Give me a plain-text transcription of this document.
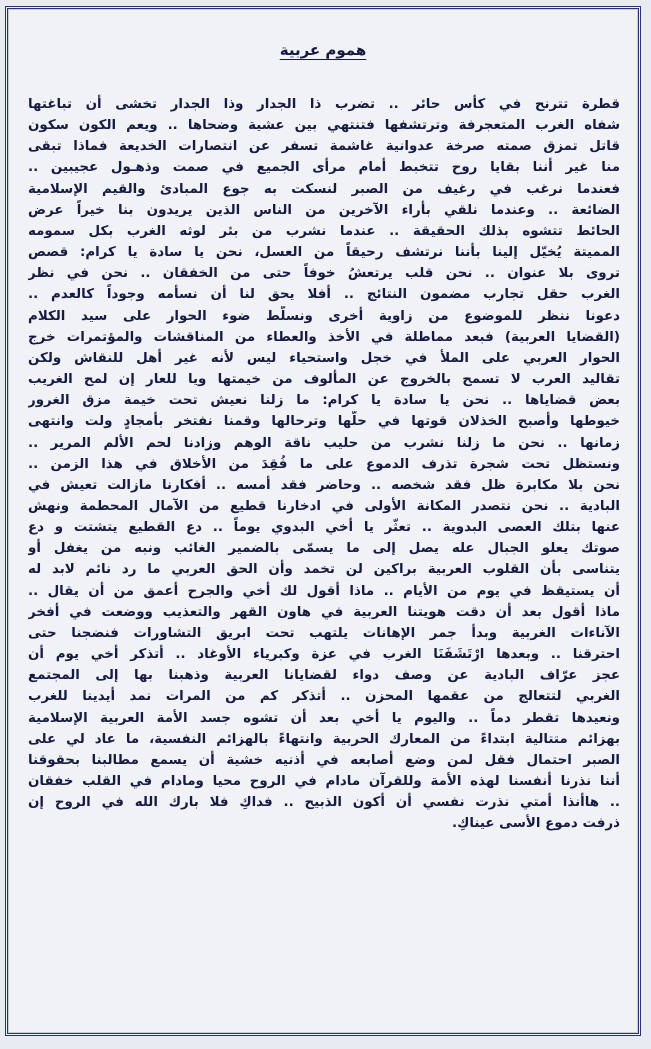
هموم عربية
قطرة تترنح في كأس حائر .. تضرب ذا الجدار وذا الجدار تخشى أن تباغتها
شفاه الغرب المتعجرفة وترتشفها فتنتهي بين عشية وضحاها .. ويعم الكون سكون
قاتل تمزق صمته صرخة عدوانية غاشمة تسفر عن انتصارات الخديعة فماذا تبقى
منا غير أننا بقايا روح تتخبط أمام مرأى الجميع في صمت وذهـول عجيبين ..
فعندما نرغب في رغيف من الصبر لنسكت به جوع المبادئ والقيم الإسلامية
الضائعة .. وعندما نلقي بأراء الآخرين من الناس الذين يريدون بنا خيراً عرض
الحائط تتشوه بذلك الحقيقة .. عندما نشرب من بئر لوثه الغرب بكل سمومه
المميتة يُخيّل إلينا بأننا نرتشف رحيقاً من العسل، نحن يا سادة يا كرام: قصص
تروى بلا عنوان .. نحن قلب يرتعشُ خوفاً حتى من الخفقان .. نحن في نظر
الغرب حقل تجارب مضمون النتائج .. أفلا يحق لنا أن نسأمه وجوداً كالعدم ..
دعونا ننظر للموضوع من زاوية أخرى ونسلّط ضوء الحوار على سيد الكلام
(القضايا العربية) فبعد مماطلة في الأخذ والعطاء من المناقشات والمؤتمرات خرج
الحوار العربي على الملأ في خجل واستحياء ليس لأنه غير أهل للنقاش ولكن
تقاليد العرب لا تسمح بالخروج عن المألوف من خيمتها ويا للعار إن لمح الغريب
بعض قضاياها .. نحن يا سادة يا كرام: ما زلنا نعيش تحت خيمة مزق الغرور
خيوطها وأصبح الخذلان قوتها في حلّها وترحالها وقمنا نفتخر بأمجادٍ ولت وانتهى
زمانها .. نحن ما زلنا نشرب من حليب ناقة الوهم وزادنا لحم الألم المرير ..
ونستظل تحت شجرة تذرف الدموع على ما فُقِدَ من الأخلاق في هذا الزمن ..
نحن بلا مكابرة ظل فقد شخصه .. وحاضر فقد أمسه .. أفكارنا مازالت تعيش في
البادية .. نحن نتصدر المكانة الأولى في ادخارنا قطيع من الآمال المحطمة ونهش
عنها بتلك العصى البدوية .. تعثّر يا أخي البدوي يوماً .. دع القطيع يتشتت و دع
صوتك يعلو الجبال عله يصل إلى ما يسمّى بالضمير الغائب ونبه من يغفل أو
يتناسى بأن القلوب العربية براكين لن تخمد وأن الحق العربي ما رد نائم لابد له
أن يستيقظ في يوم من الأيام .. ماذا أقول لك أخي والجرح أعمق من أن يقال ..
ماذا أقول بعد أن دقت هويتنا العربية في هاون القهر والتعذيب ووضعت في أفخر
الآناءات الغربية وبدأ جمر الإهانات يلتهب تحت ابريق التشاورات فنضجنا حتى
احترقنا .. وبعدها ارْتَشَفَنَا الغرب في عزة وكبرياء الأوغاد .. أتذكر أخي يوم أن
عجز عرّاف البادية عن وصف دواء لقضايانا العربية وذهبنا بها إلى المجتمع
الغربي لتتعالج من عقمها المحزن .. أتذكر كم من المرات نمد أيدينا للغرب
ونعيدها تقطر دماً .. واليوم يا أخي بعد أن تشوه جسد الأمة العربية الإسلامية
بهزائم متتالية ابتداءً من المعارك الحربية وانتهاءً بالهزائم النفسية، ما عاد لي على
الصبر احتمال فقل لمن وضع أصابعه في أذنيه خشية أن يسمع مطالبنا بحقوقنا
أننا نذرنا أنفسنا لهذه الأمة وللقرآن مادام في الروح محيا ومادام في القلب خفقان
.. هاأنذا أمتي نذرت نفسي أن أكون الذبيح .. فداكِ فلا بارك الله في الروح إن
ذرفت دموع الأسى عيناكِ.
